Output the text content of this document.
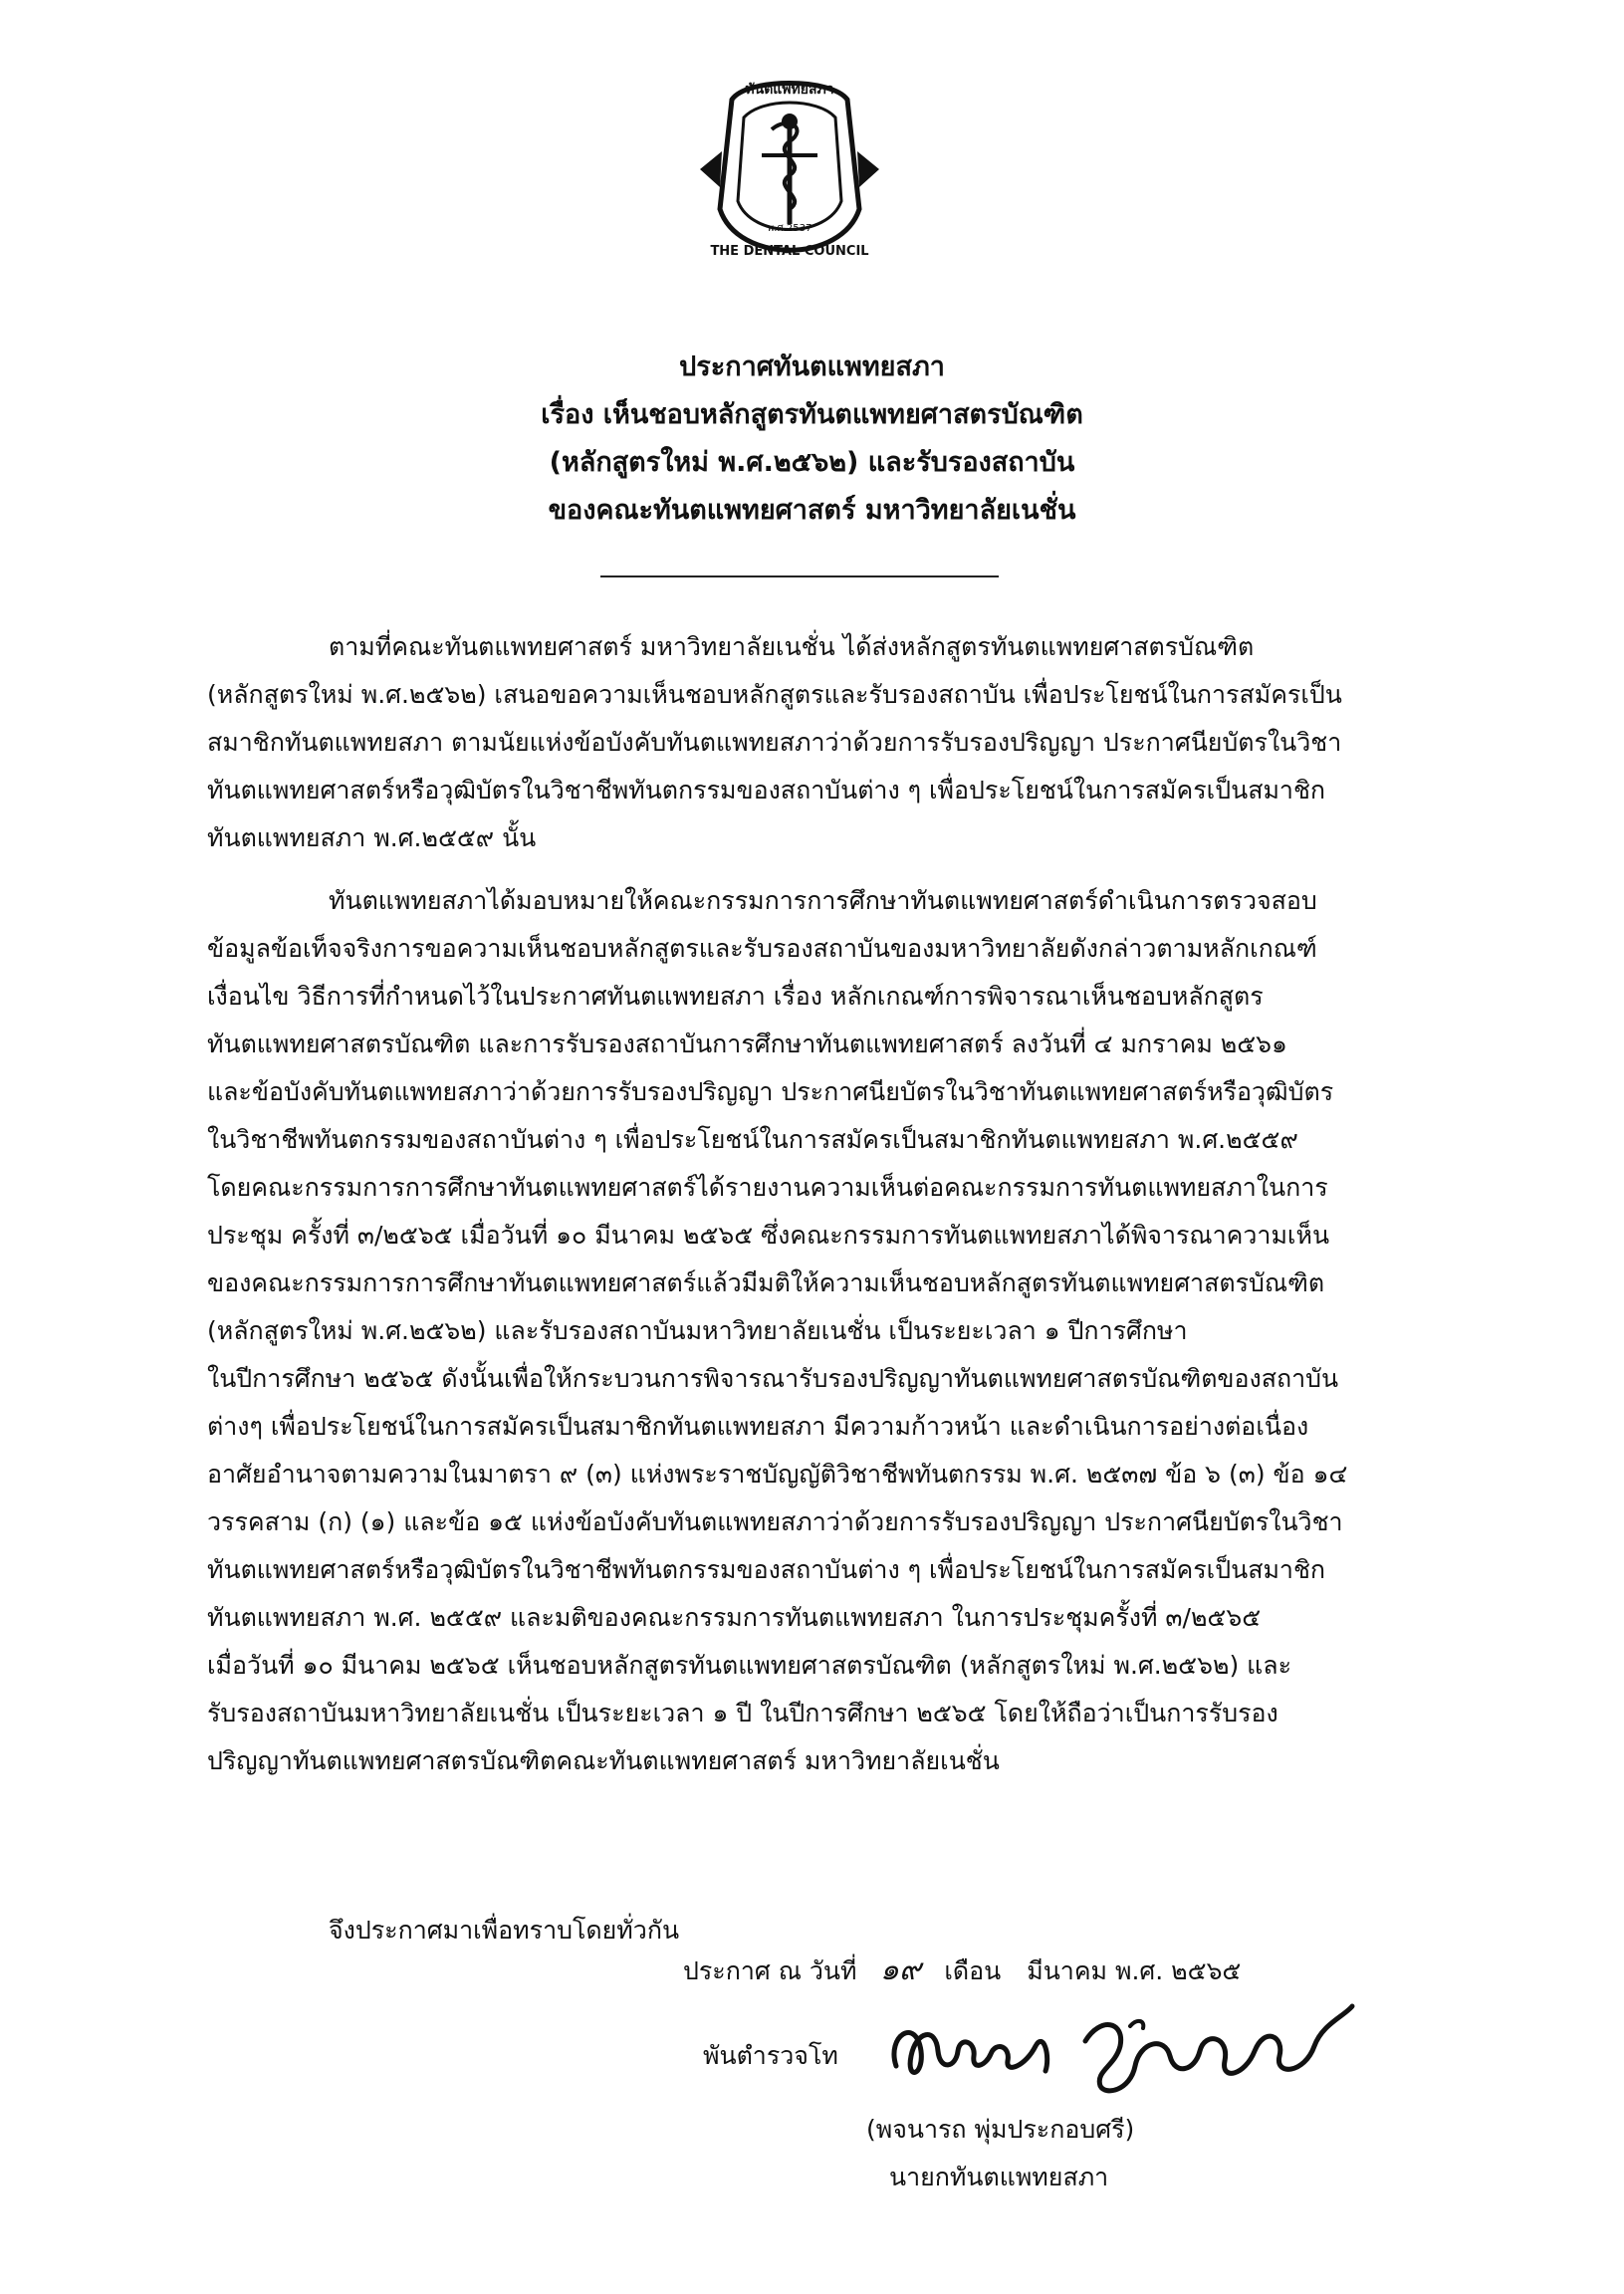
ทันตแพทยสภา
พ.ศ.2537
THE DENTAL COUNCIL
ประกาศทันตแพทยสภา
เรื่อง เห็นชอบหลักสูตรทันตแพทยศาสตรบัณฑิต
(หลักสูตรใหม่ พ.ศ.๒๕๖๒) และรับรองสถาบัน
ของคณะทันตแพทยศาสตร์ มหาวิทยาลัยเนชั่น
ตามที่คณะทันตแพทยศาสตร์ มหาวิทยาลัยเนชั่น ได้ส่งหลักสูตรทันตแพทยศาสตรบัณฑิต
(หลักสูตรใหม่ พ.ศ.๒๕๖๒) เสนอขอความเห็นชอบหลักสูตรและรับรองสถาบัน เพื่อประโยชน์ในการสมัครเป็น
สมาชิกทันตแพทยสภา ตามนัยแห่งข้อบังคับทันตแพทยสภาว่าด้วยการรับรองปริญญา ประกาศนียบัตรในวิชา
ทันตแพทยศาสตร์หรือวุฒิบัตรในวิชาชีพทันตกรรมของสถาบันต่าง ๆ เพื่อประโยชน์ในการสมัครเป็นสมาชิก
ทันตแพทยสภา พ.ศ.๒๕๕๙ นั้น
ทันตแพทยสภาได้มอบหมายให้คณะกรรมการการศึกษาทันตแพทยศาสตร์ดำเนินการตรวจสอบ
ข้อมูลข้อเท็จจริงการขอความเห็นชอบหลักสูตรและรับรองสถาบันของมหาวิทยาลัยดังกล่าวตามหลักเกณฑ์
เงื่อนไข วิธีการที่กำหนดไว้ในประกาศทันตแพทยสภา เรื่อง หลักเกณฑ์การพิจารณาเห็นชอบหลักสูตร
ทันตแพทยศาสตรบัณฑิต และการรับรองสถาบันการศึกษาทันตแพทยศาสตร์ ลงวันที่ ๔ มกราคม ๒๕๖๑
และข้อบังคับทันตแพทยสภาว่าด้วยการรับรองปริญญา ประกาศนียบัตรในวิชาทันตแพทยศาสตร์หรือวุฒิบัตร
ในวิชาชีพทันตกรรมของสถาบันต่าง ๆ เพื่อประโยชน์ในการสมัครเป็นสมาชิกทันตแพทยสภา พ.ศ.๒๕๕๙
โดยคณะกรรมการการศึกษาทันตแพทยศาสตร์ได้รายงานความเห็นต่อคณะกรรมการทันตแพทยสภาในการ
ประชุม ครั้งที่ ๓/๒๕๖๕ เมื่อวันที่ ๑๐ มีนาคม ๒๕๖๕ ซึ่งคณะกรรมการทันตแพทยสภาได้พิจารณาความเห็น
ของคณะกรรมการการศึกษาทันตแพทยศาสตร์แล้วมีมติให้ความเห็นชอบหลักสูตรทันตแพทยศาสตรบัณฑิต
(หลักสูตรใหม่ พ.ศ.๒๕๖๒) และรับรองสถาบันมหาวิทยาลัยเนชั่น เป็นระยะเวลา ๑ ปีการศึกษา
ในปีการศึกษา ๒๕๖๕ ดังนั้นเพื่อให้กระบวนการพิจารณารับรองปริญญาทันตแพทยศาสตรบัณฑิตของสถาบัน
ต่างๆ เพื่อประโยชน์ในการสมัครเป็นสมาชิกทันตแพทยสภา มีความก้าวหน้า และดำเนินการอย่างต่อเนื่อง
อาศัยอำนาจตามความในมาตรา ๙ (๓) แห่งพระราชบัญญัติวิชาชีพทันตกรรม พ.ศ. ๒๕๓๗ ข้อ ๖ (๓) ข้อ ๑๔
วรรคสาม (ก) (๑) และข้อ ๑๕ แห่งข้อบังคับทันตแพทยสภาว่าด้วยการรับรองปริญญา ประกาศนียบัตรในวิชา
ทันตแพทยศาสตร์หรือวุฒิบัตรในวิชาชีพทันตกรรมของสถาบันต่าง ๆ เพื่อประโยชน์ในการสมัครเป็นสมาชิก
ทันตแพทยสภา พ.ศ. ๒๕๕๙ และมติของคณะกรรมการทันตแพทยสภา ในการประชุมครั้งที่ ๓/๒๕๖๕
เมื่อวันที่ ๑๐ มีนาคม ๒๕๖๕ เห็นชอบหลักสูตรทันตแพทยศาสตรบัณฑิต (หลักสูตรใหม่ พ.ศ.๒๕๖๒) และ
รับรองสถาบันมหาวิทยาลัยเนชั่น เป็นระยะเวลา ๑ ปี ในปีการศึกษา ๒๕๖๕ โดยให้ถือว่าเป็นการรับรอง
ปริญญาทันตแพทยศาสตรบัณฑิตคณะทันตแพทยศาสตร์ มหาวิทยาลัยเนชั่น
จึงประกาศมาเพื่อทราบโดยทั่วกัน
ประกาศ ณ วันที่ ๑๙ เดือน มีนาคม พ.ศ. ๒๕๖๕
พันตำรวจโท
(พจนารถ พุ่มประกอบศรี)
นายกทันตแพทยสภา
